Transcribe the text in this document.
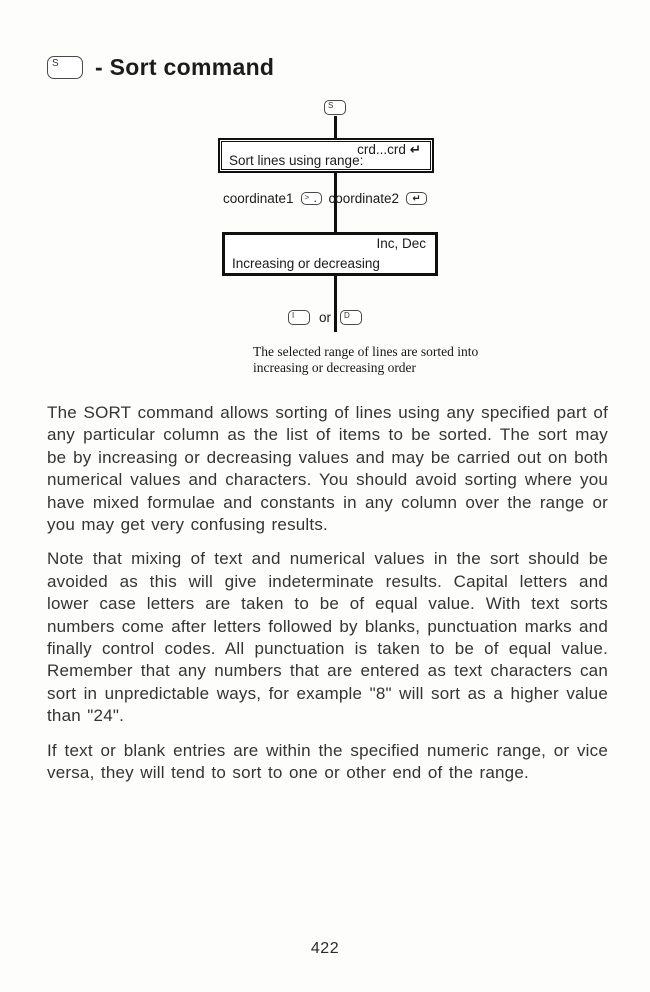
S - Sort command
S
crd...crd ↵
Sort lines using range:
coordinate1 > . coordinate2 ↵
Inc, Dec
Increasing or decreasing
I or D
The selected range of lines are sorted into increasing or decreasing order

The SORT command allows sorting of lines using any specified part of any particular column as the list of items to be sorted. The sort may be by increasing or decreasing values and may be carried out on both numerical values and characters. You should avoid sorting where you have mixed formulae and constants in any column over the range or you may get very confusing results.

Note that mixing of text and numerical values in the sort should be avoided as this will give indeterminate results. Capital letters and lower case letters are taken to be of equal value. With text sorts numbers come after letters followed by blanks, punctuation marks and finally control codes. All punctuation is taken to be of equal value. Remember that any numbers that are entered as text characters can sort in unpredictable ways, for example "8" will sort as a higher value than "24".

If text or blank entries are within the specified numeric range, or vice versa, they will tend to sort to one or other end of the range.

422
